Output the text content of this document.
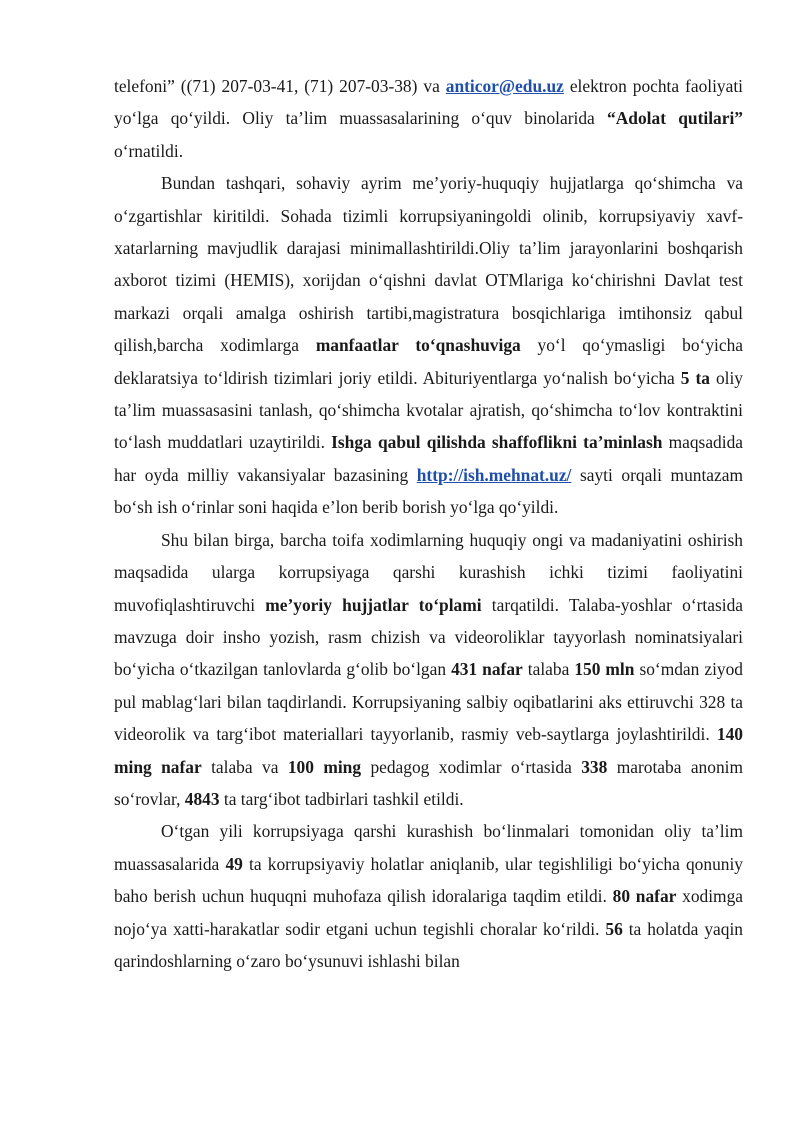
telefoni” ((71) 207-03-41, (71) 207-03-38) va anticor@edu.uz elektron pochta faoliyati yo‘lga qo‘yildi. Oliy ta’lim muassasalarining o‘quv binolarida “Adolat qutilari” o‘rnatildi.

Bundan tashqari, sohaviy ayrim me’yoriy-huquqiy hujjatlarga qo‘shimcha va o‘zgartishlar kiritildi. Sohada tizimli korrupsiyaningoldi olinib, korrupsiyaviy xavf-xatarlarning mavjudlik darajasi minimallashtirildi.Oliy ta’lim jarayonlarini boshqarish axborot tizimi (HEMIS), xorijdan o‘qishni davlat OTMlariga ko‘chirishni Davlat test markazi orqali amalga oshirish tartibi,magistratura bosqichlariga imtihonsiz qabul qilish,barcha xodimlarga manfaatlar to‘qnashuviga yo‘l qo‘ymasligi bo‘yicha deklaratsiya to‘ldirish tizimlari joriy etildi. Abituriyentlarga yo‘nalish bo‘yicha 5 ta oliy ta’lim muassasasini tanlash, qo‘shimcha kvotalar ajratish, qo‘shimcha to‘lov kontraktini to‘lash muddatlari uzaytirildi. Ishga qabul qilishda shaffoflikni ta’minlash maqsadida har oyda milliy vakansiyalar bazasining http://ish.mehnat.uz/ sayti orqali muntazam bo‘sh ish o‘rinlar soni haqida e’lon berib borish yo‘lga qo‘yildi.

Shu bilan birga, barcha toifa xodimlarning huquqiy ongi va madaniyatini oshirish maqsadida ularga korrupsiyaga qarshi kurashish ichki tizimi faoliyatini muvofiqlashtiruvchi me’yoriy hujjatlar to‘plami tarqatildi. Talaba-yoshlar o‘rtasida mavzuga doir insho yozish, rasm chizish va videoroliklar tayyorlash nominatsiyalari bo‘yicha o‘tkazilgan tanlovlarda g‘olib bo‘lgan 431 nafar talaba 150 mln so‘mdan ziyod pul mablag‘lari bilan taqdirlandi. Korrupsiyaning salbiy oqibatlarini aks ettiruvchi 328 ta videorolik va targ‘ibot materiallari tayyorlanib, rasmiy veb-saytlarga joylashtirildi. 140 ming nafar talaba va 100 ming pedagog xodimlar o‘rtasida 338 marotaba anonim so‘rovlar, 4843 ta targ‘ibot tadbirlari tashkil etildi.

O‘tgan yili korrupsiyaga qarshi kurashish bo‘linmalari tomonidan oliy ta’lim muassasalarida 49 ta korrupsiyaviy holatlar aniqlanib, ular tegishliligi bo‘yicha qonuniy baho berish uchun huquqni muhofaza qilish idoralariga taqdim etildi. 80 nafar xodimga nojo‘ya xatti-harakatlar sodir etgani uchun tegishli choralar ko‘rildi. 56 ta holatda yaqin qarindoshlarning o‘zaro bo‘ysunuvi ishlashi bilan
